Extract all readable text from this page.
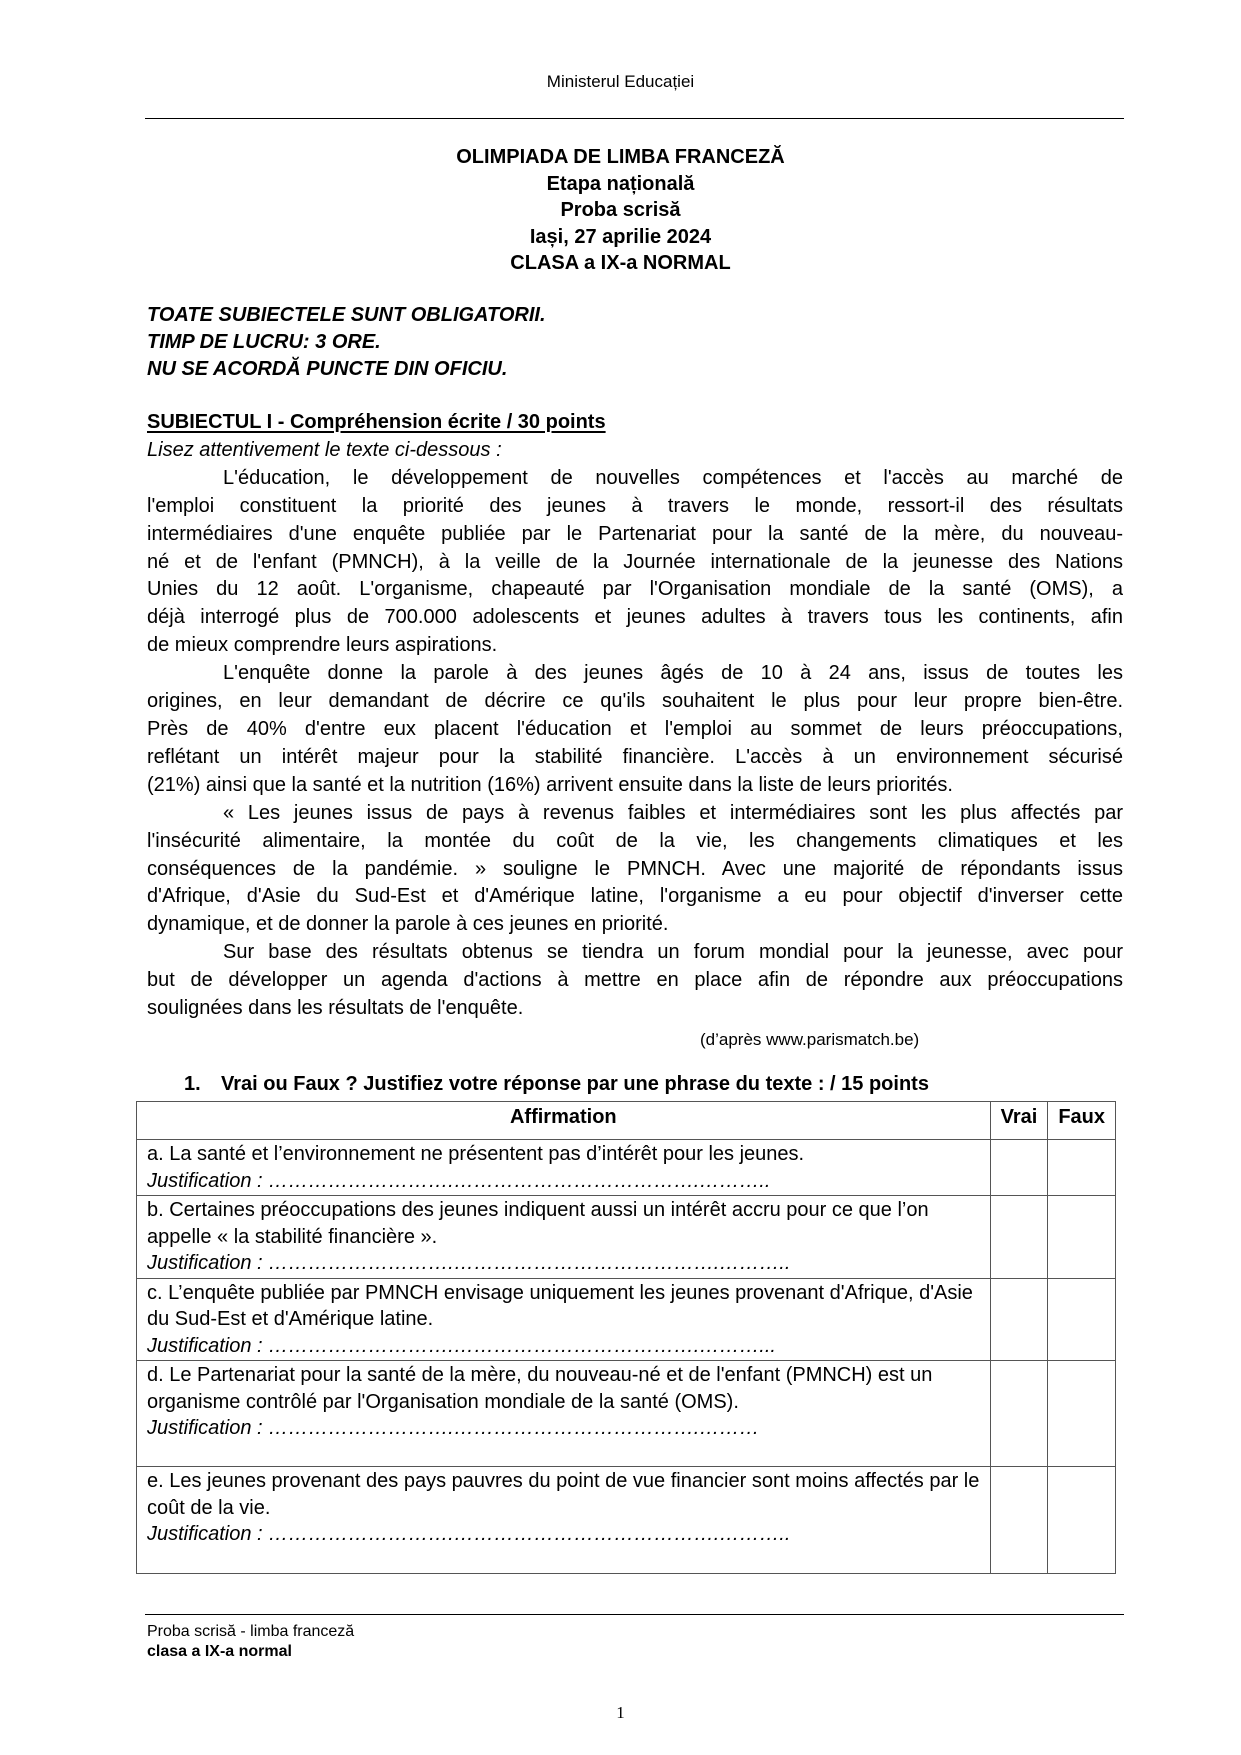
Ministerul Educației
OLIMPIADA DE LIMBA FRANCEZĂ
Etapa națională
Proba scrisă
Iași, 27 aprilie 2024
CLASA a IX-a NORMAL
TOATE SUBIECTELE SUNT OBLIGATORII.
TIMP DE LUCRU: 3 ORE.
NU SE ACORDĂ PUNCTE DIN OFICIU.
SUBIECTUL I - Compréhension écrite / 30 points
Lisez attentivement le texte ci-dessous :
L'éducation, le développement de nouvelles compétences et l'accès au marché de
l'emploi constituent la priorité des jeunes à travers le monde, ressort-il des résultats
intermédiaires d'une enquête publiée par le Partenariat pour la santé de la mère, du nouveau-
né et de l'enfant (PMNCH), à la veille de la Journée internationale de la jeunesse des Nations
Unies du 12 août. L'organisme, chapeauté par l'Organisation mondiale de la santé (OMS), a
déjà interrogé plus de 700.000 adolescents et jeunes adultes à travers tous les continents, afin
de mieux comprendre leurs aspirations.
L'enquête donne la parole à des jeunes âgés de 10 à 24 ans, issus de toutes les
origines, en leur demandant de décrire ce qu'ils souhaitent le plus pour leur propre bien-être.
Près de 40% d'entre eux placent l'éducation et l'emploi au sommet de leurs préoccupations,
reflétant un intérêt majeur pour la stabilité financière. L'accès à un environnement sécurisé
(21%) ainsi que la santé et la nutrition (16%) arrivent ensuite dans la liste de leurs priorités.
« Les jeunes issus de pays à revenus faibles et intermédiaires sont les plus affectés par
l'insécurité alimentaire, la montée du coût de la vie, les changements climatiques et les
conséquences de la pandémie. » souligne le PMNCH. Avec une majorité de répondants issus
d'Afrique, d'Asie du Sud-Est et d'Amérique latine, l'organisme a eu pour objectif d'inverser cette
dynamique, et de donner la parole à ces jeunes en priorité.
Sur base des résultats obtenus se tiendra un forum mondial pour la jeunesse, avec pour
but de développer un agenda d'actions à mettre en place afin de répondre aux préoccupations
soulignées dans les résultats de l'enquête.
(d’après www.parismatch.be)
1. Vrai ou Faux ? Justifiez votre réponse par une phrase du texte : / 15 points
Affirmation	Vrai	Faux

a. La santé et l’environnement ne présentent pas d’intérêt pour les jeunes.
Justification : ……………………….……………………………….………..		

b. Certaines préoccupations des jeunes indiquent aussi un intérêt accru pour ce que l’on appelle « la stabilité financière ».
Justification : ……………………….………………………………….………..		

c. L’enquête publiée par PMNCH envisage uniquement les jeunes provenant d'Afrique, d'Asie du Sud-Est et d'Amérique latine.
Justification : ……………………….……………………………….………...		

d. Le Partenariat pour la santé de la mère, du nouveau-né et de l'enfant (PMNCH) est un organisme contrôlé par l'Organisation mondiale de la santé (OMS).
Justification : ……………………….……………………………….………		

e. Les jeunes provenant des pays pauvres du point de vue financier sont moins affectés par le coût de la vie.
Justification : ……………………….………………………………….………..		

Proba scrisă - limba franceză
clasa a IX-a normal
1
